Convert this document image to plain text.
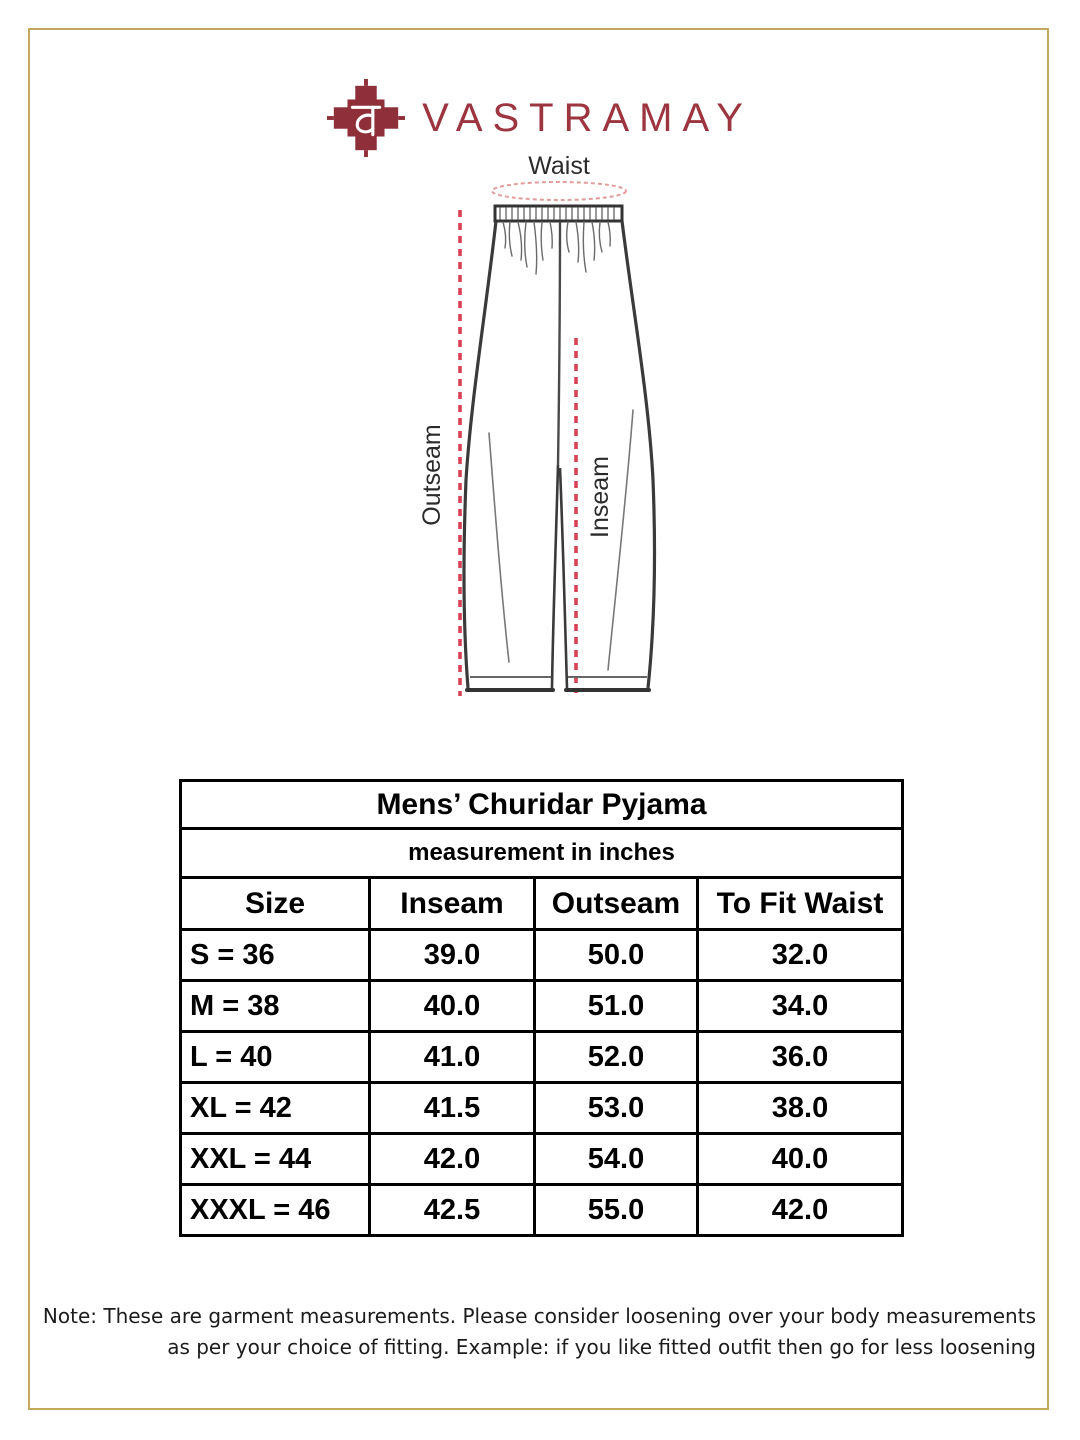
VASTRAMAY
Waist
Outseam	Inseam
Mens’ Churidar Pyjama			
measurement in inches			
Size	Inseam	Outseam	To Fit Waist
S = 36	39.0	50.0	32.0
M = 38	40.0	51.0	34.0
L = 40	41.0	52.0	36.0
XL = 42	41.5	53.0	38.0
XXL = 44	42.0	54.0	40.0
XXXL = 46	42.5	55.0	42.0
Note: These are garment measurements. Please consider loosening over your body measurements
as per your choice of fitting. Example: if you like fitted outfit then go for less loosening
